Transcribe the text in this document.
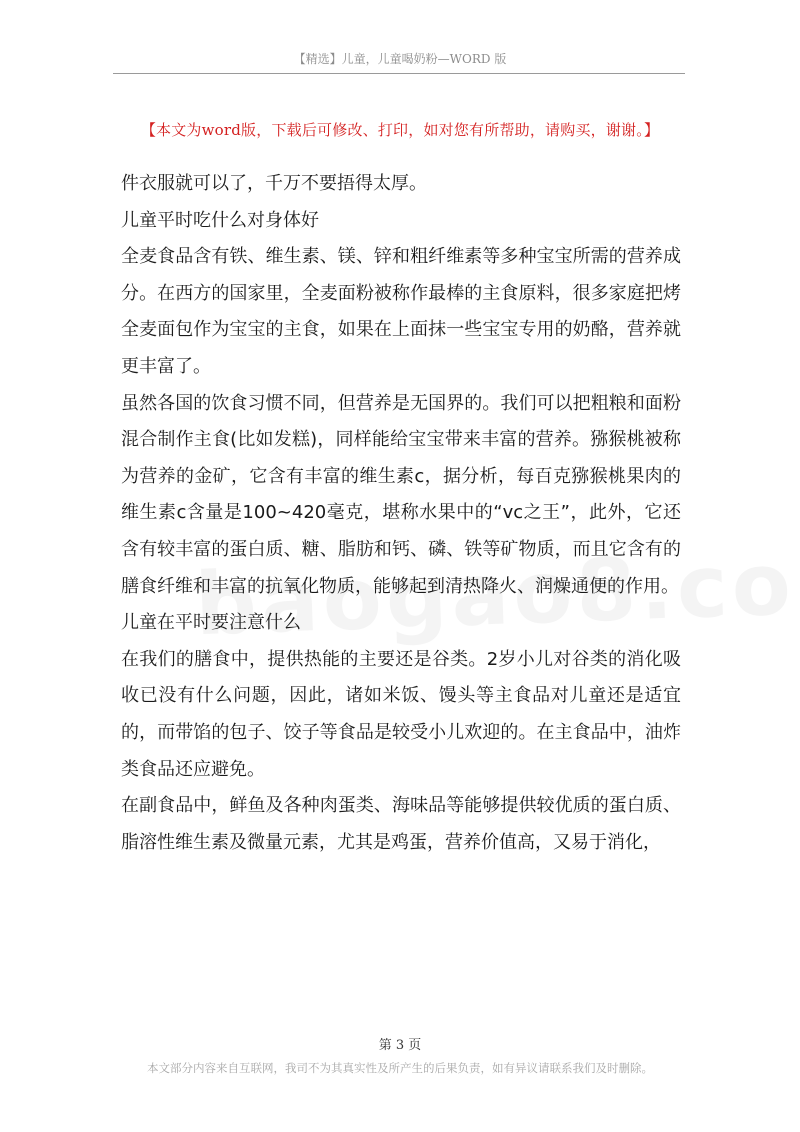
【精选】儿童，儿童喝奶粉—WORD 版
【本文为word版，下载后可修改、打印，如对您有所帮助，请购买，谢谢。】

件衣服就可以了，千万不要捂得太厚。

儿童平时吃什么对身体好

全麦食品含有铁、维生素、镁、锌和粗纤维素等多种宝宝所需的营养成分。在西方的国家里，全麦面粉被称作最棒的主食原料，很多家庭把烤全麦面包作为宝宝的主食，如果在上面抹一些宝宝专用的奶酪，营养就更丰富了。

虽然各国的饮食习惯不同，但营养是无国界的。我们可以把粗粮和面粉混合制作主食(比如发糕)，同样能给宝宝带来丰富的营养。猕猴桃被称为营养的金矿，它含有丰富的维生素c，据分析，每百克猕猴桃果肉的维生素c含量是100~420毫克，堪称水果中的“vc之王”，此外，它还含有较丰富的蛋白质、糖、脂肪和钙、磷、铁等矿物质，而且它含有的膳食纤维和丰富的抗氧化物质，能够起到清热降火、润燥通便的作用。

儿童在平时要注意什么

在我们的膳食中，提供热能的主要还是谷类。2岁小儿对谷类的消化吸收已没有什么问题，因此，诸如米饭、馒头等主食品对儿童还是适宜的，而带馅的包子、饺子等食品是较受小儿欢迎的。在主食品中，油炸类食品还应避免。

在副食品中，鲜鱼及各种肉蛋类、海味品等能够提供较优质的蛋白质、脂溶性维生素及微量元素，尤其是鸡蛋，营养价值高，又易于消化，

第 3 页
本文部分内容来自互联网，我司不为其真实性及所产生的后果负责，如有异议请联系我们及时删除。
